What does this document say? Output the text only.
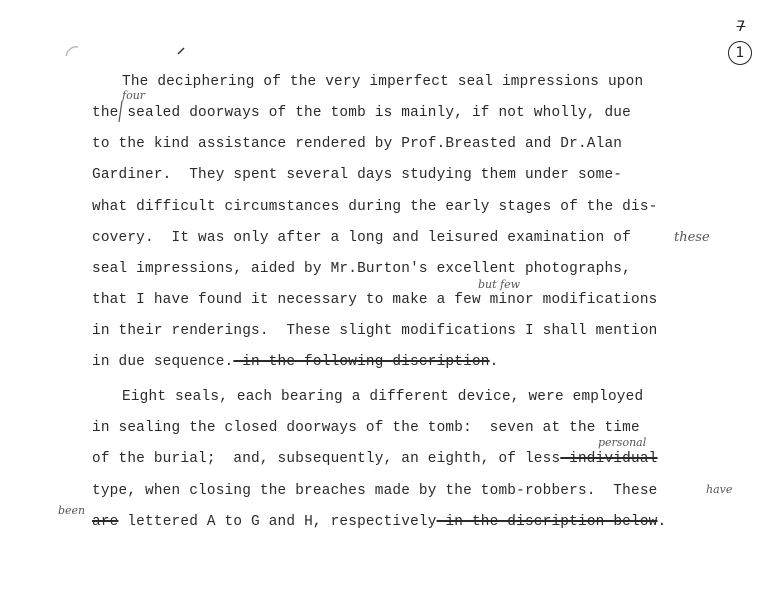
7
1
The deciphering of the very imperfect seal impressions upon
the sealed doorways of the tomb is mainly, if not wholly, due
to the kind assistance rendered by Prof.Breasted and Dr.Alan
Gardiner.  They spent several days studying them under some-
what difficult circumstances during the early stages of the dis-
covery.  It was only after a long and leisured examination of
seal impressions, aided by Mr.Burton's excellent photographs,
that I have found it necessary to make a few minor modifications
in their renderings.  These slight modifications I shall mention
in due sequence. in the following discription.
Eight seals, each bearing a different device, were employed
in sealing the closed doorways of the tomb:  seven at the time
of the burial;  and, subsequently, an eighth, of less individual
type, when closing the breaches made by the tomb-robbers.  These
are lettered A to G and H, respectively in the discription below.
four
these
but few
personal
have
been
